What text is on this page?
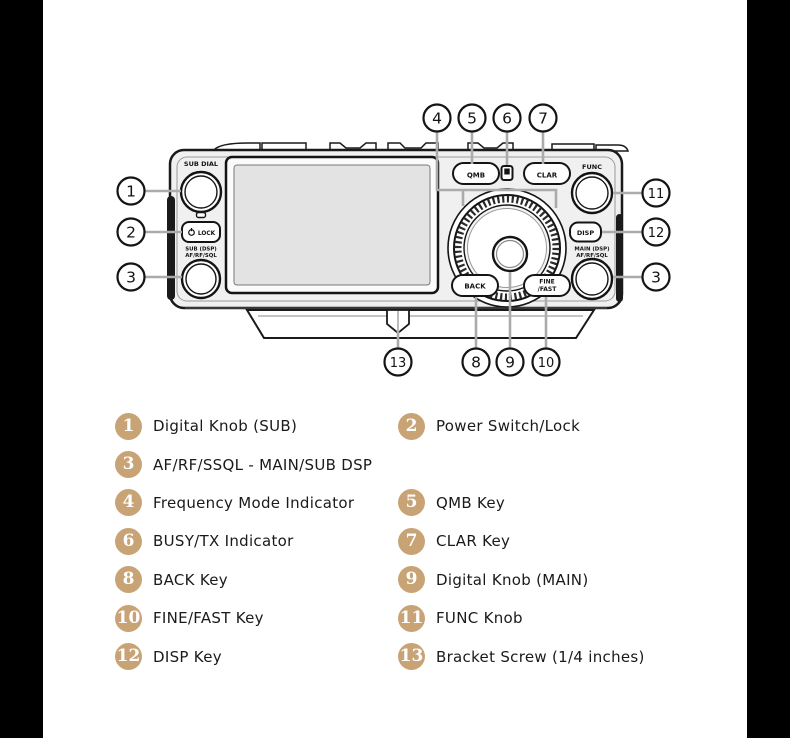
SUB DIAL
LOCK
SUB (DSP)
AF/RF/SQL
QMB	CLAR
FUNC
DISP
MAIN (DSP)
AF/RF/SQL
BACK
FINE
/FAST
1
2
3
4 5 6 7
11
12
3
13	8 9 10
1	Digital Knob (SUB)	2	Power Switch/Lock
3	AF/RF/SSQL - MAIN/SUB DSP
4	Frequency Mode Indicator	5	QMB Key
6	BUSY/TX Indicator	7	CLAR Key
8	BACK Key	9	Digital Knob (MAIN)
10 FINE/FAST Key	11 FUNC Knob
12 DISP Key	13 Bracket Screw (1/4 inches)
